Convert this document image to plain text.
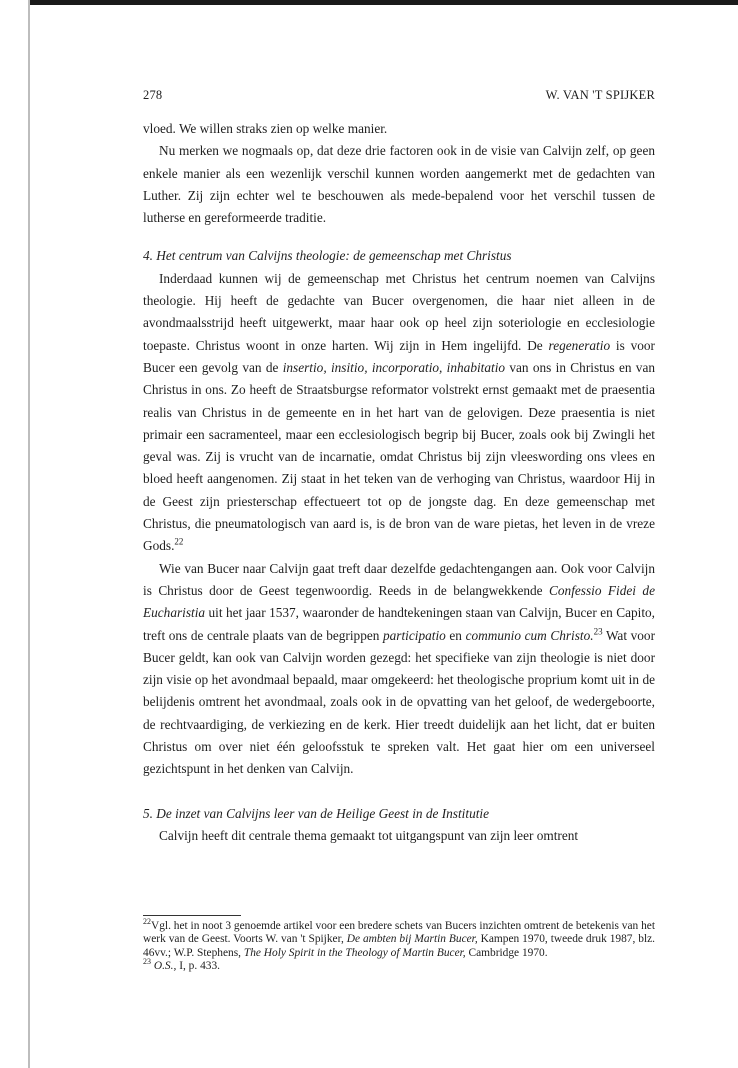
278	W. VAN 'T SPIJKER

vloed. We willen straks zien op welke manier.

Nu merken we nogmaals op, dat deze drie factoren ook in de visie van Calvijn zelf, op geen enkele manier als een wezenlijk verschil kunnen worden aangemerkt met de gedachten van Luther. Zij zijn echter wel te beschouwen als mede-bepalend voor het verschil tussen de lutherse en gereformeerde traditie.

4. Het centrum van Calvijns theologie: de gemeenschap met Christus

Inderdaad kunnen wij de gemeenschap met Christus het centrum noemen van Calvijns theologie. Hij heeft de gedachte van Bucer overgenomen, die haar niet alleen in de avondmaalsstrijd heeft uitgewerkt, maar haar ook op heel zijn soteriologie en ecclesiologie toepaste. Christus woont in onze harten. Wij zijn in Hem ingelijfd. De regeneratio is voor Bucer een gevolg van de insertio, insitio, incorporatio, inhabitatio van ons in Christus en van Christus in ons. Zo heeft de Straatsburgse reformator volstrekt ernst gemaakt met de praesentia realis van Christus in de gemeente en in het hart van de gelovigen. Deze praesentia is niet primair een sacramenteel, maar een ecclesiologisch begrip bij Bucer, zoals ook bij Zwingli het geval was. Zij is vrucht van de incarnatie, omdat Christus bij zijn vleeswording ons vlees en bloed heeft aangenomen. Zij staat in het teken van de verhoging van Christus, waardoor Hij in de Geest zijn priesterschap effectueert tot op de jongste dag. En deze gemeenschap met Christus, die pneumatologisch van aard is, is de bron van de ware pietas, het leven in de vreze Gods.$^{22}$

Wie van Bucer naar Calvijn gaat treft daar dezelfde gedachtengangen aan. Ook voor Calvijn is Christus door de Geest tegenwoordig. Reeds in de belangwekkende Confessio Fidei de Eucharistia uit het jaar 1537, waaronder de handtekeningen staan van Calvijn, Bucer en Capito, treft ons de centrale plaats van de begrippen participatio en communio cum Christo.$^{23}$ Wat voor Bucer geldt, kan ook van Calvijn worden gezegd: het specifieke van zijn theologie is niet door zijn visie op het avondmaal bepaald, maar omgekeerd: het theologische proprium komt uit in de belijdenis omtrent het avondmaal, zoals ook in de opvatting van het geloof, de wedergeboorte, de rechtvaardiging, de verkiezing en de kerk. Hier treedt duidelijk aan het licht, dat er buiten Christus om over niet één geloofsstuk te spreken valt. Het gaat hier om een universeel gezichtspunt in het denken van Calvijn.

5. De inzet van Calvijns leer van de Heilige Geest in de Institutie

Calvijn heeft dit centrale thema gemaakt tot uitgangspunt van zijn leer omtrent

$^{22}$Vgl. het in noot 3 genoemde artikel voor een bredere schets van Bucers inzichten omtrent de betekenis van het werk van de Geest. Voorts W. van 't Spijker, De ambten bij Martin Bucer, Kampen 1970, tweede druk 1987, blz. 46vv.; W.P. Stephens, The Holy Spirit in the Theology of Martin Bucer, Cambridge 1970.

$^{23}$ O.S., I, p. 433.
